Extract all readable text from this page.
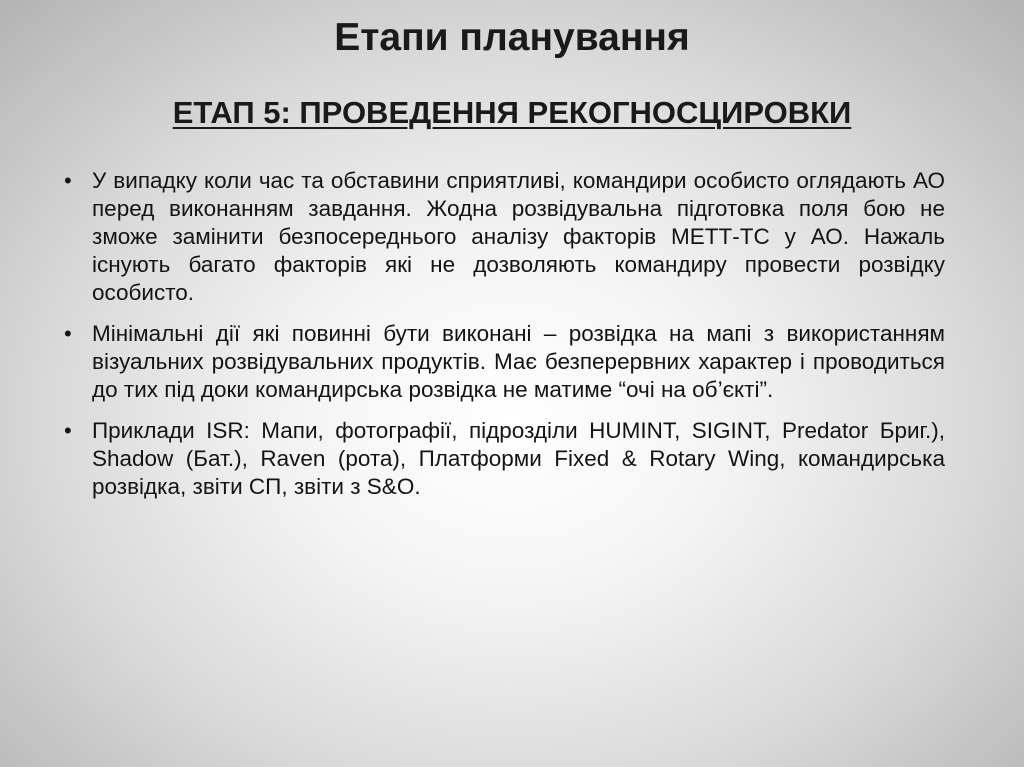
Етапи планування
ЕТАП 5: ПРОВЕДЕННЯ РЕКОГНОСЦИРОВКИ
• У випадку коли час та обставини сприятливі, командири особисто оглядають АО перед виконанням завдання. Жодна розвідувальна підготовка поля бою не зможе замінити безпосереднього аналізу факторів МЕТТ-ТС у АО. Нажаль існують багато факторів які не дозволяють командиру провести розвідку особисто.
• Мінімальні дії які повинні бути виконані – розвідка на мапі з використанням візуальних розвідувальних продуктів. Має безперервних характер і проводиться до тих під доки командирська розвідка не матиме “очі на об’єкті”.
• Приклади ISR: Мапи, фотографії, підрозділи HUMINT, SIGINT, Predator Бриг.), Shadow (Бат.), Raven (рота), Платформи Fixed & Rotary Wing, командирська розвідка, звіти СП, звіти з S&O.
